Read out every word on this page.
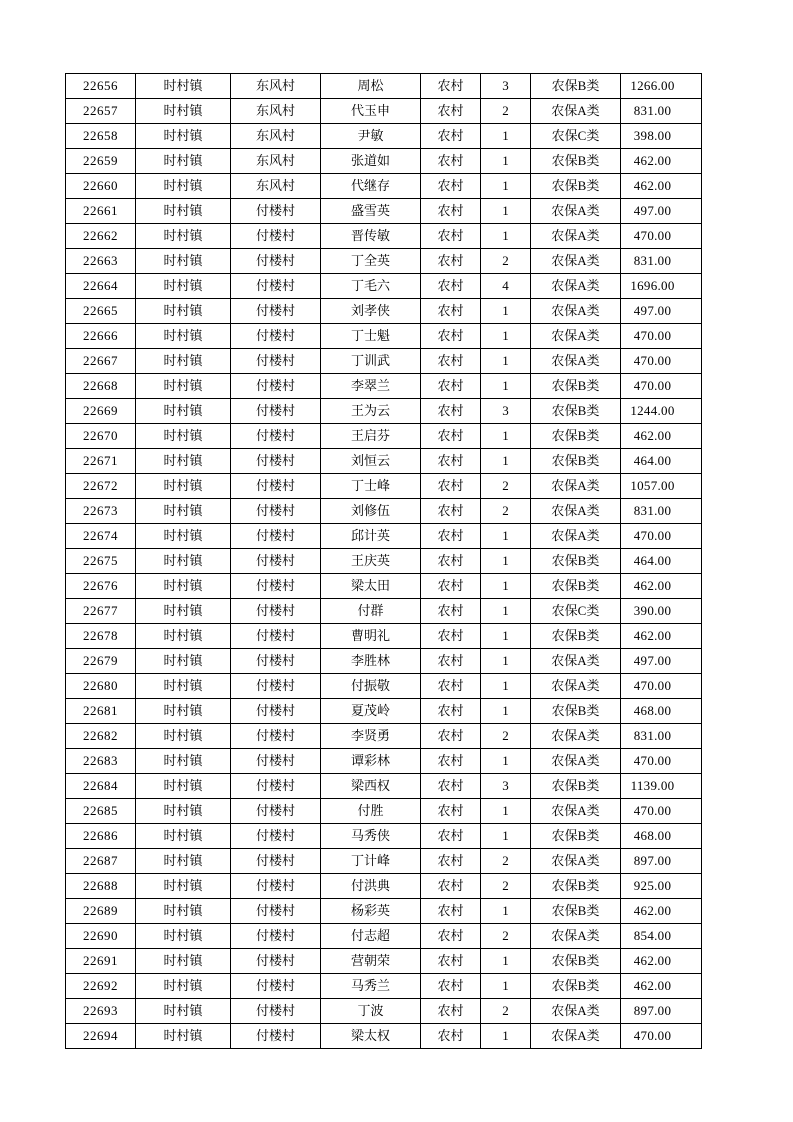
22656	时村镇	东风村	周松	农村	3	农保B类	1266.00
22657	时村镇	东风村	代玉申	农村	2	农保A类	831.00
22658	时村镇	东风村	尹敏	农村	1	农保C类	398.00
22659	时村镇	东风村	张道如	农村	1	农保B类	462.00
22660	时村镇	东风村	代继存	农村	1	农保B类	462.00
22661	时村镇	付楼村	盛雪英	农村	1	农保A类	497.00
22662	时村镇	付楼村	晋传敏	农村	1	农保A类	470.00
22663	时村镇	付楼村	丁全英	农村	2	农保A类	831.00
22664	时村镇	付楼村	丁毛六	农村	4	农保A类	1696.00
22665	时村镇	付楼村	刘孝侠	农村	1	农保A类	497.00
22666	时村镇	付楼村	丁士魁	农村	1	农保A类	470.00
22667	时村镇	付楼村	丁训武	农村	1	农保A类	470.00
22668	时村镇	付楼村	李翠兰	农村	1	农保B类	470.00
22669	时村镇	付楼村	王为云	农村	3	农保B类	1244.00
22670	时村镇	付楼村	王启芬	农村	1	农保B类	462.00
22671	时村镇	付楼村	刘恒云	农村	1	农保B类	464.00
22672	时村镇	付楼村	丁士峰	农村	2	农保A类	1057.00
22673	时村镇	付楼村	刘修伍	农村	2	农保A类	831.00
22674	时村镇	付楼村	邱计英	农村	1	农保A类	470.00
22675	时村镇	付楼村	王庆英	农村	1	农保B类	464.00
22676	时村镇	付楼村	梁太田	农村	1	农保B类	462.00
22677	时村镇	付楼村	付群	农村	1	农保C类	390.00
22678	时村镇	付楼村	曹明礼	农村	1	农保B类	462.00
22679	时村镇	付楼村	李胜林	农村	1	农保A类	497.00
22680	时村镇	付楼村	付振敬	农村	1	农保A类	470.00
22681	时村镇	付楼村	夏茂岭	农村	1	农保B类	468.00
22682	时村镇	付楼村	李贤勇	农村	2	农保A类	831.00
22683	时村镇	付楼村	谭彩林	农村	1	农保A类	470.00
22684	时村镇	付楼村	梁西权	农村	3	农保B类	1139.00
22685	时村镇	付楼村	付胜	农村	1	农保A类	470.00
22686	时村镇	付楼村	马秀侠	农村	1	农保B类	468.00
22687	时村镇	付楼村	丁计峰	农村	2	农保A类	897.00
22688	时村镇	付楼村	付洪典	农村	2	农保B类	925.00
22689	时村镇	付楼村	杨彩英	农村	1	农保B类	462.00
22690	时村镇	付楼村	付志超	农村	2	农保A类	854.00
22691	时村镇	付楼村	营朝荣	农村	1	农保B类	462.00
22692	时村镇	付楼村	马秀兰	农村	1	农保B类	462.00
22693	时村镇	付楼村	丁波	农村	2	农保A类	897.00
22694	时村镇	付楼村	梁太权	农村	1	农保A类	470.00
